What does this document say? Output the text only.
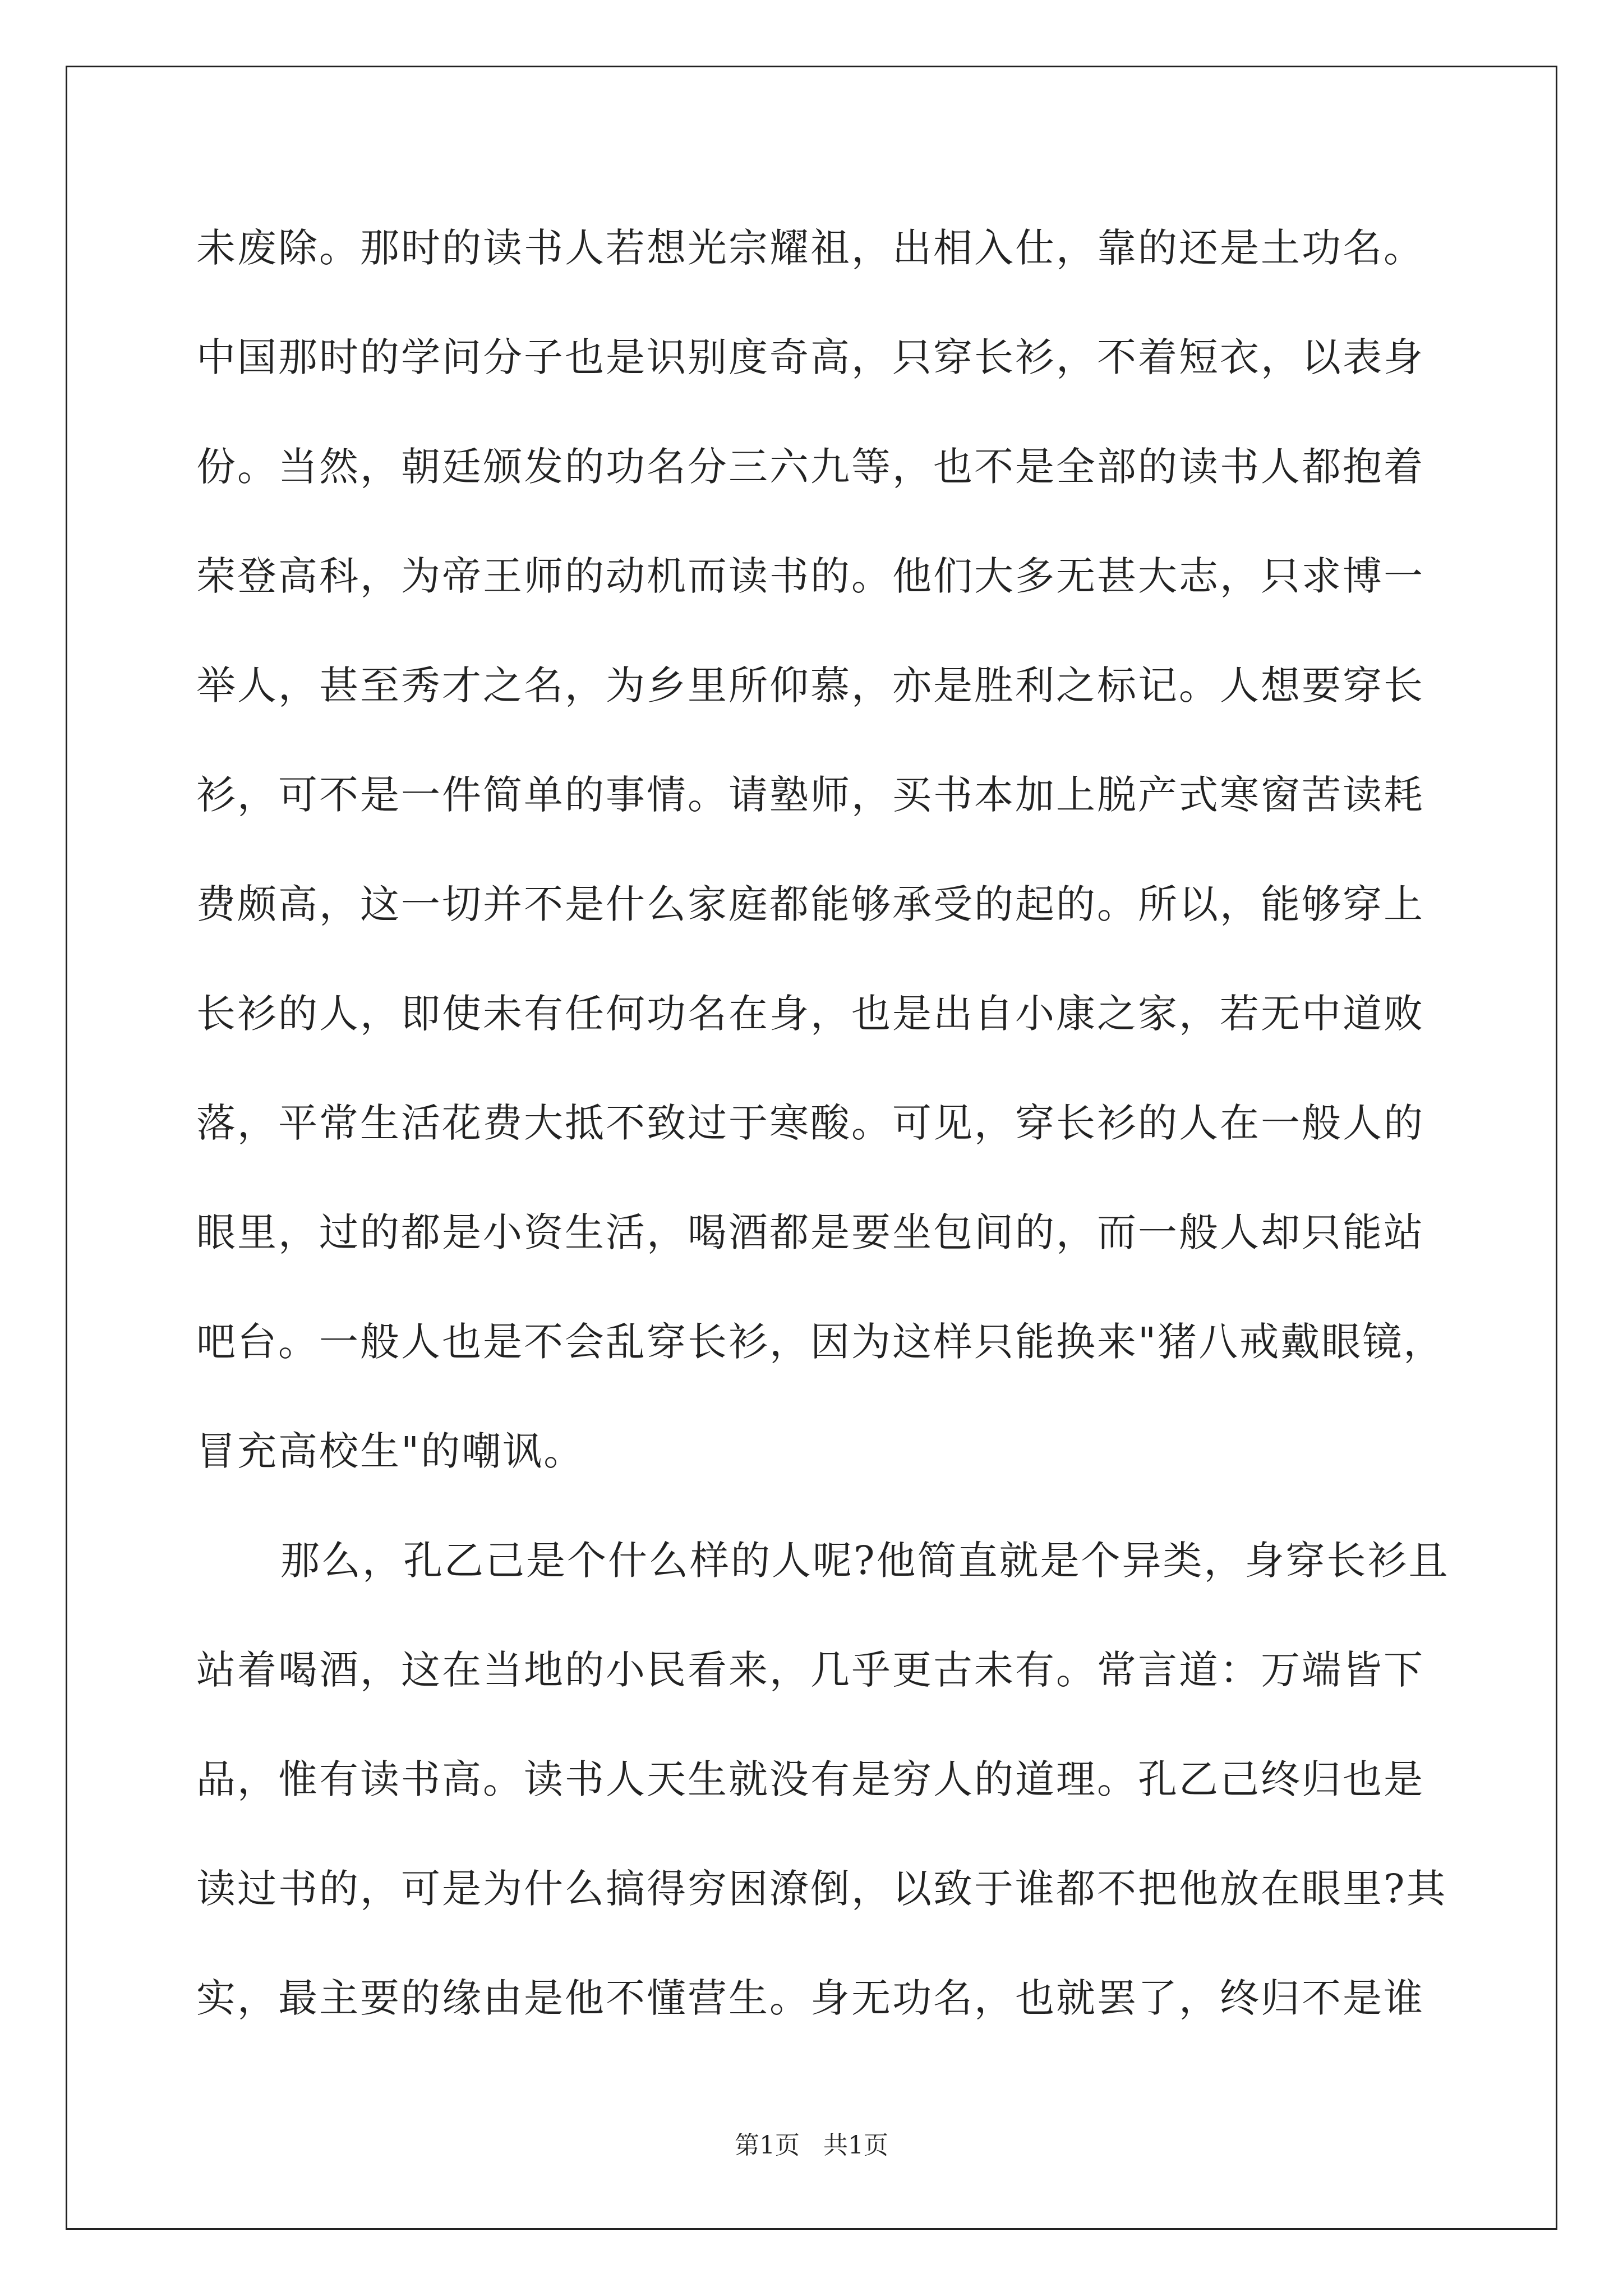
未废除。那时的读书人若想光宗耀祖，出相入仕，靠的还是土功名。
中国那时的学问分子也是识别度奇高，只穿长衫，不着短衣，以表身
份。当然，朝廷颁发的功名分三六九等，也不是全部的读书人都抱着
荣登高科，为帝王师的动机而读书的。他们大多无甚大志，只求博一
举人，甚至秀才之名，为乡里所仰慕，亦是胜利之标记。人想要穿长
衫，可不是一件简单的事情。请塾师，买书本加上脱产式寒窗苦读耗
费颇高，这一切并不是什么家庭都能够承受的起的。所以，能够穿上
长衫的人，即使未有任何功名在身，也是出自小康之家，若无中道败
落，平常生活花费大抵不致过于寒酸。可见，穿长衫的人在一般人的
眼里，过的都是小资生活，喝酒都是要坐包间的，而一般人却只能站
吧台。一般人也是不会乱穿长衫，因为这样只能换来"猪八戒戴眼镜，
冒充高校生"的嘲讽。
那么，孔乙己是个什么样的人呢?他简直就是个异类，身穿长衫且
站着喝酒，这在当地的小民看来，几乎更古未有。常言道：万端皆下
品，惟有读书高。读书人天生就没有是穷人的道理。孔乙己终归也是
读过书的，可是为什么搞得穷困潦倒，以致于谁都不把他放在眼里?其
实，最主要的缘由是他不懂营生。身无功名，也就罢了，终归不是谁
第1页 共1页
